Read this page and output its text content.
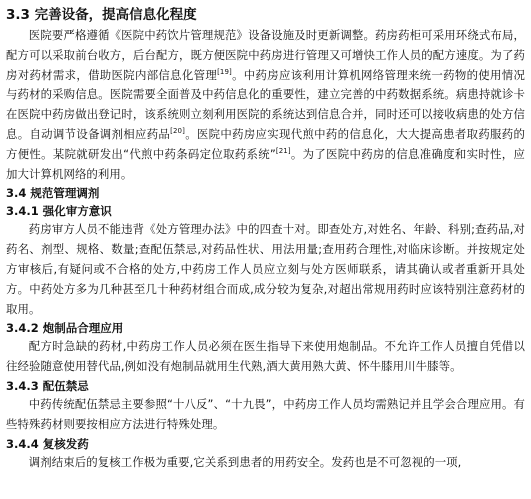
3.3 完善设备，提高信息化程度

医院要严格遵循《医院中药饮片管理规范》设备设施及时更新调整。药房药柜可采用环绕式布局，配方可以采取前台收方，后台配方，既方便医院中药房进行管理又可增快工作人员的配方速度。为了药房对药材需求，借助医院内部信息化管理[19]。中药房应该利用计算机网络管理来统一药物的使用情况与药材的采购信息。医院需要全面普及中药信息化的重要性，建立完善的中药数据系统。病患持就诊卡在医院中药房做出登记时，该系统则立刻利用医院的系统达到信息合并，同时还可以接收病患的处方信息。自动调节设备调剂相应药品[20]。医院中药房应实现代煎中药的信息化，大大提高患者取药服药的方便性。某院就研发出“代煎中药条码定位取药系统”[21]。为了医院中药房的信息准确度和实时性，应加大计算机网络的利用。

3.4 规范管理调剂
3.4.1 强化审方意识

药房审方人员不能违背《处方管理办法》中的四查十对。即查处方,对姓名、年龄、科别;查药品,对药名、剂型、规格、数量;查配伍禁忌,对药品性状、用法用量;查用药合理性,对临床诊断。并按规定处方审核后,有疑问或不合格的处方,中药房工作人员应立刻与处方医师联系，请其确认或者重新开具处方。中药处方多为几种甚至几十种药材组合而成,成分较为复杂,对超出常规用药时应该特别注意药材的取用。

3.4.2 炮制品合理应用

配方时急缺的药材,中药房工作人员必须在医生指导下来使用炮制品。不允许工作人员擅自凭借以往经验随意使用替代品,例如没有炮制品就用生代熟,酒大黄用熟大黄、怀牛膝用川牛膝等。

3.4.3 配伍禁忌

中药传统配伍禁忌主要参照“十八反”、“十九畏”，中药房工作人员均需熟记并且学会合理应用。有些特殊药材则要按相应方法进行特殊处理。

3.4.4 复核发药

调剂结束后的复核工作极为重要,它关系到患者的用药安全。发药也是不可忽视的一项,
